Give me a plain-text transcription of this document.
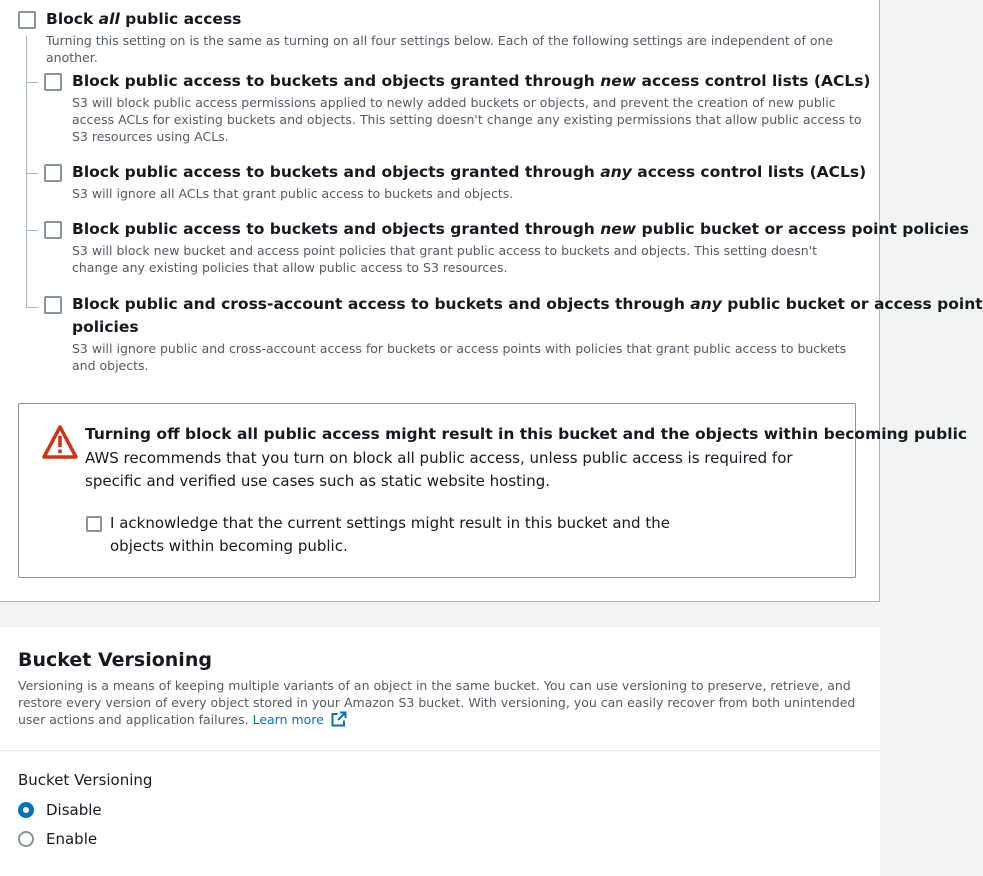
Block all public access
Turning this setting on is the same as turning on all four settings below. Each of the following settings are independent of one another.
Block public access to buckets and objects granted through new access control lists (ACLs)
S3 will block public access permissions applied to newly added buckets or objects, and prevent the creation of new public access ACLs for existing buckets and objects. This setting doesn't change any existing permissions that allow public access to S3 resources using ACLs.
Block public access to buckets and objects granted through any access control lists (ACLs)
S3 will ignore all ACLs that grant public access to buckets and objects.
Block public access to buckets and objects granted through new public bucket or access point policies
S3 will block new bucket and access point policies that grant public access to buckets and objects. This setting doesn't change any existing policies that allow public access to S3 resources.
Block public and cross-account access to buckets and objects through any public bucket or access point
policies
S3 will ignore public and cross-account access for buckets or access points with policies that grant public access to buckets and objects.
Turning off block all public access might result in this bucket and the objects within becoming public
AWS recommends that you turn on block all public access, unless public access is required for specific and verified use cases such as static website hosting.
I acknowledge that the current settings might result in this bucket and the objects within becoming public.
Bucket Versioning
Versioning is a means of keeping multiple variants of an object in the same bucket. You can use versioning to preserve, retrieve, and restore every version of every object stored in your Amazon S3 bucket. With versioning, you can easily recover from both unintended user actions and application failures. Learn more
Bucket Versioning
Disable
Enable
